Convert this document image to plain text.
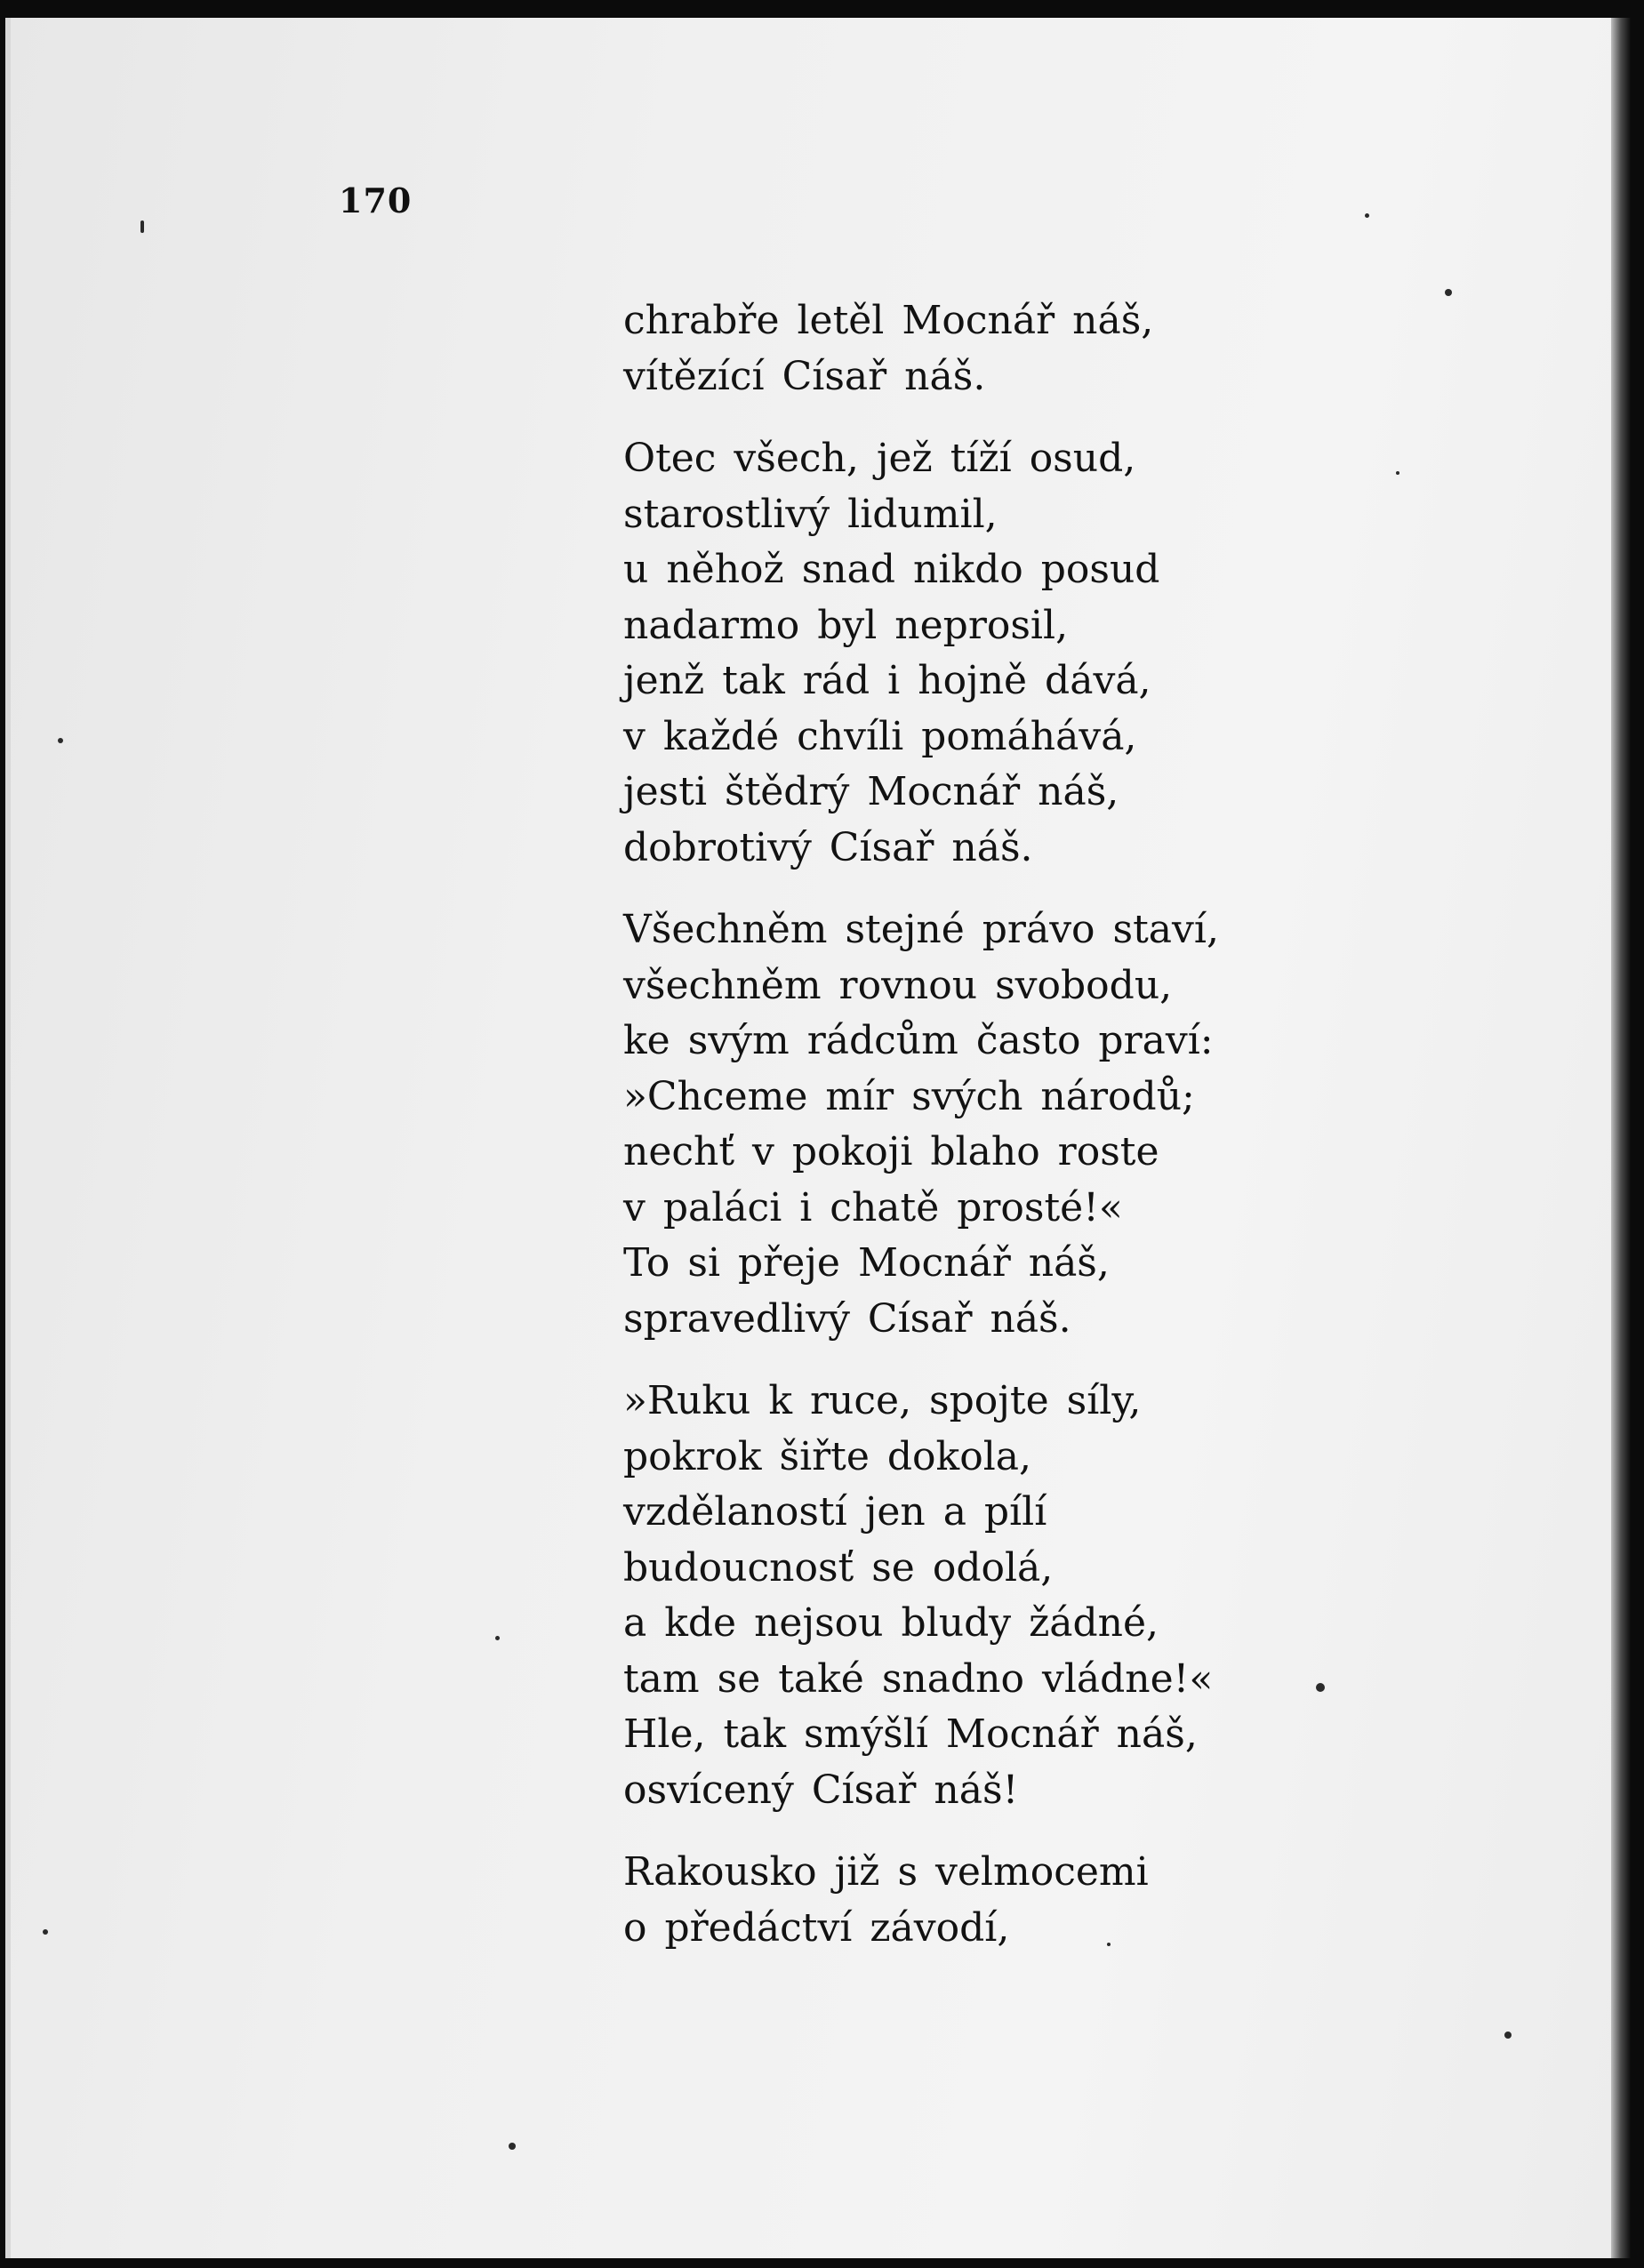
170
chrabře letěl Mocnář náš,
vítězící Císař náš.
Otec všech, jež tíží osud,
starostlivý lidumil,
u něhož snad nikdo posud
nadarmo byl neprosil,
jenž tak rád i hojně dává,
v každé chvíli pomáhává,
jesti štědrý Mocnář náš,
dobrotivý Císař náš.
Všechněm stejné právo staví,
všechněm rovnou svobodu,
ke svým rádcům často praví:
»Chceme mír svých národů;
nechť v pokoji blaho roste
v paláci i chatě prosté!«
To si přeje Mocnář náš,
spravedlivý Císař náš.
»Ruku k ruce, spojte síly,
pokrok šiřte dokola,
vzdělaností jen a pílí
budoucnosť se odolá,
a kde nejsou bludy žádné,
tam se také snadno vládne!«
Hle, tak smýšlí Mocnář náš,
osvícený Císař náš!
Rakousko již s velmocemi
o předáctví závodí,
